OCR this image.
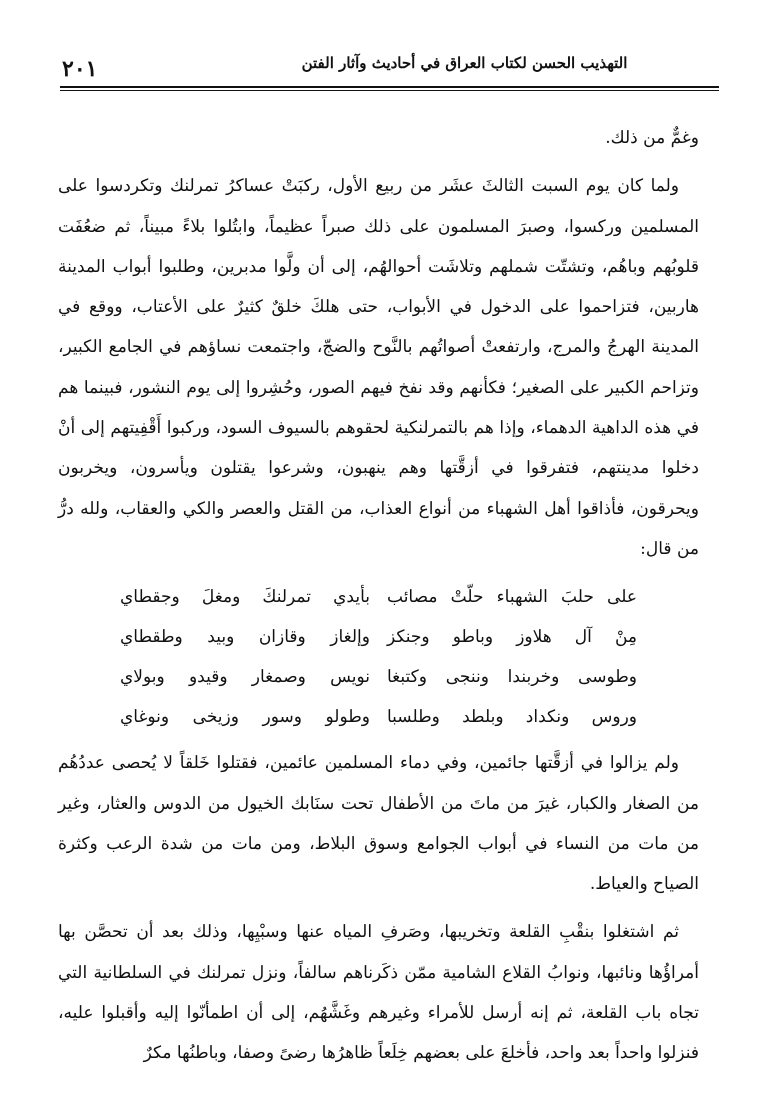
٢٠١	التهذيب الحسن لكتاب العراق في أحاديث وآثار الفتن

وغمٌّ من ذلك.

ولما كان يوم السبت الثالثَ عشَر من ربيع الأول، ركبَتْ عساكرُ تمرلنك وتكردسوا على المسلمين وركسوا، وصبرَ المسلمون على ذلك صبراً عظيماً، وابتُلوا بلاءً مبيناً، ثم ضعُفَت قلوبُهم وباهُم، وتشتّت شملهم وتلاشَت أحوالهُم، إلى أن ولَّوا مدبرين، وطلبوا أبواب المدينة هاربين، فتزاحموا على الدخول في الأبواب، حتى هلكَ خلقٌ كثيرٌ على الأعتاب، ووقع في المدينة الهرجُ والمرج، وارتفعتْ أصواتُهم بالنَّوح والضجّ، واجتمعت نساؤهم في الجامع الكبير، وتزاحم الكبير على الصغير؛ فكأنهم وقد نفخ فيهم الصور، وحُشِروا إلى يوم النشور، فبينما هم في هذه الداهية الدهماء، وإذا هم بالتمرلنكية لحقوهم بالسيوف السود، وركبوا أَقْفِيتهم إلى أنْ دخلوا مدينتهم، فتفرقوا في أزقَّتها وهم ينهبون، وشرعوا يقتلون ويأسرون، ويخربون ويحرقون، فأذاقوا أهل الشهباء من أنواع العذاب، من القتل والعصر والكي والعقاب، ولله درُّ من قال:

على حلبَ الشهباء حلّتْ مصائب
بأيدي تمرلنكَ ومغلَ وجقطاي
مِنْ آل هلاوز وباطو وجنكز
وإلغاز وقازان وبيد وطقطاي
وطوسى وخربندا وننجى وكتبغا
نويس وصمغار وقيدو وبولاي
وروس ونكداد وبلطد وطلسبا
وطولو وسور وزيخى ونوغاي

ولم يزالوا في أزقَّتها جائمين، وفي دماء المسلمين عائمين، فقتلوا خَلقاً لا يُحصى عددُهُم من الصغار والكبار، غيرَ من ماتَ من الأطفال تحت سنَابك الخيول من الدوس والعثار، وغير من مات من النساء في أبواب الجوامع وسوق البلاط، ومن مات من شدة الرعب وكثرة الصياح والعياط.

ثم اشتغلوا بنقْبِ القلعة وتخريبها، وصَرفِ المياه عنها وسبْيِها، وذلك بعد أن تحصَّن بها أمراؤُها ونائبها، ونوابُ القلاع الشامية ممّن ذكَرناهم سالفاً، ونزل تمرلنك في السلطانية التي تجاه باب القلعة، ثم إنه أرسل للأمراء وغيرهم وغَشَّهُم، إلى أن اطمأنّوا إليه وأقبلوا عليه، فنزلوا واحداً بعد واحد، فأخلعَ على بعضهم خِلَعاً ظاهرُها رضىً وصفا، وباطنُها مكرٌ
